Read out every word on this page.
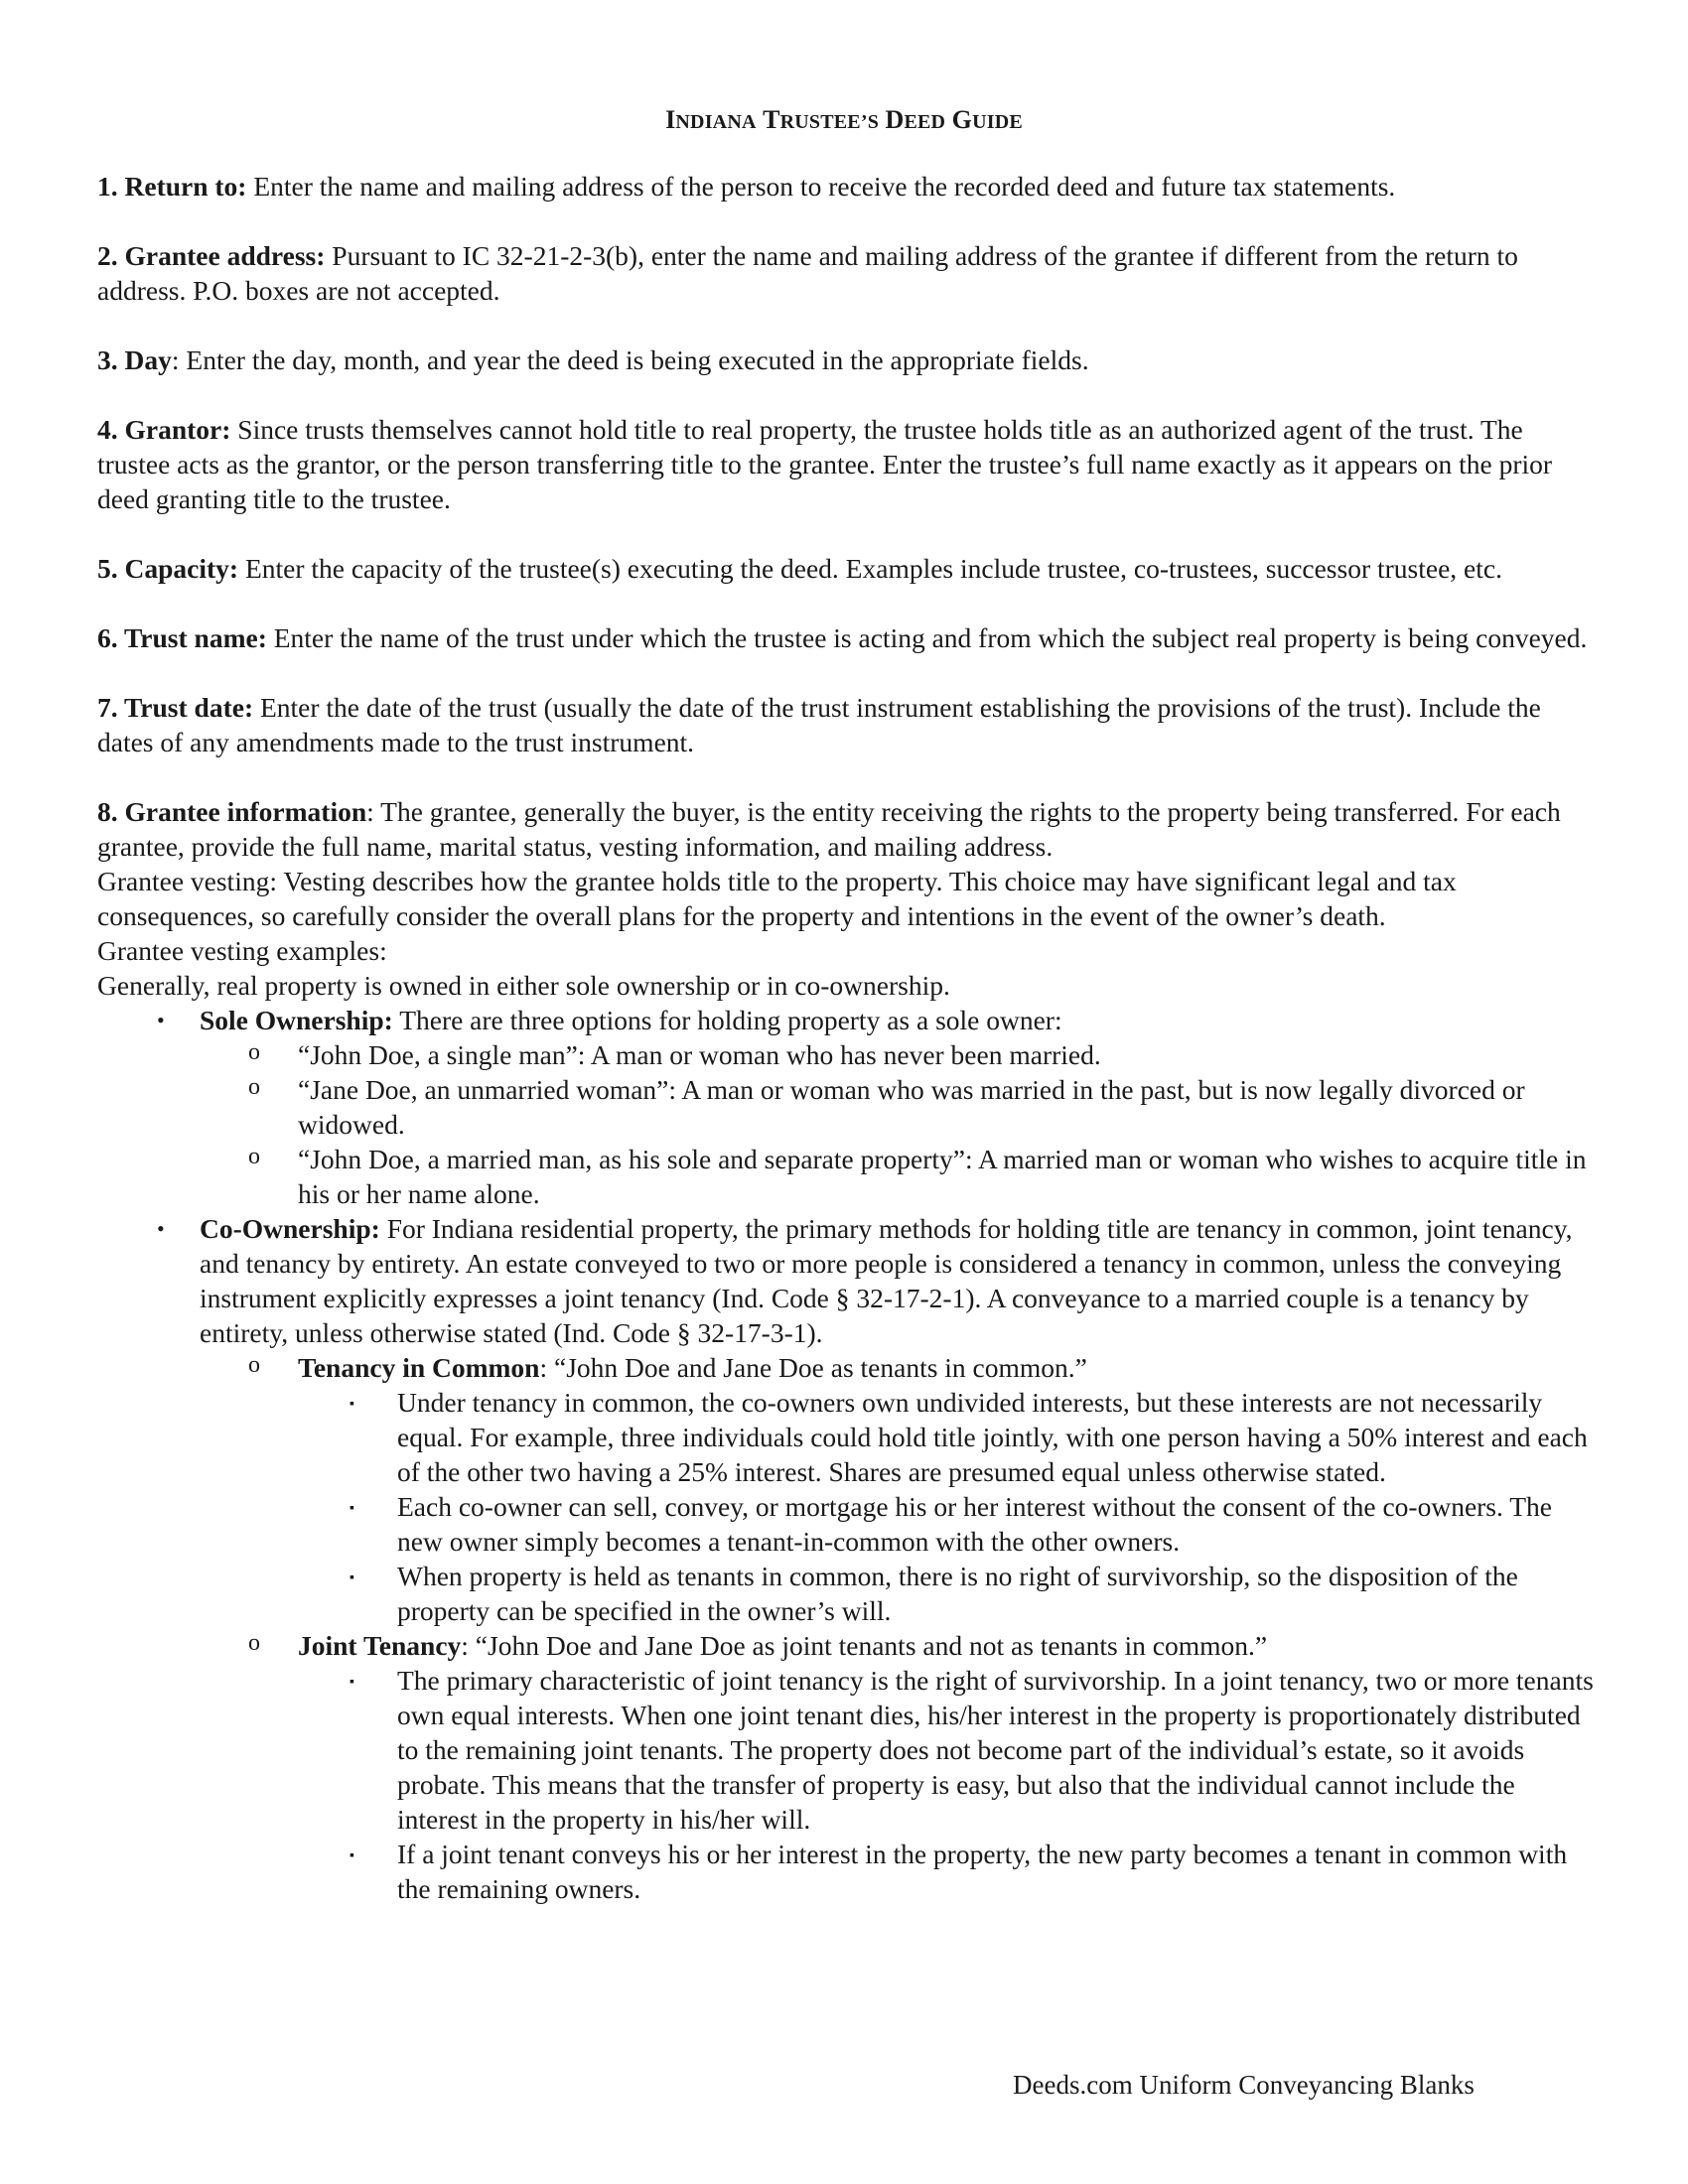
INDIANA TRUSTEE’S DEED GUIDE

1. Return to: Enter the name and mailing address of the person to receive the recorded deed and future tax statements.

2. Grantee address: Pursuant to IC 32-21-2-3(b), enter the name and mailing address of the grantee if different from the return to address. P.O. boxes are not accepted.

3. Day: Enter the day, month, and year the deed is being executed in the appropriate fields.

4. Grantor: Since trusts themselves cannot hold title to real property, the trustee holds title as an authorized agent of the trust. The trustee acts as the grantor, or the person transferring title to the grantee. Enter the trustee’s full name exactly as it appears on the prior deed granting title to the trustee.

5. Capacity: Enter the capacity of the trustee(s) executing the deed. Examples include trustee, co-trustees, successor trustee, etc.

6. Trust name: Enter the name of the trust under which the trustee is acting and from which the subject real property is being conveyed.

7. Trust date: Enter the date of the trust (usually the date of the trust instrument establishing the provisions of the trust). Include the dates of any amendments made to the trust instrument.

8. Grantee information: The grantee, generally the buyer, is the entity receiving the rights to the property being transferred. For each grantee, provide the full name, marital status, vesting information, and mailing address.

Grantee vesting: Vesting describes how the grantee holds title to the property. This choice may have significant legal and tax consequences, so carefully consider the overall plans for the property and intentions in the event of the owner’s death.

Grantee vesting examples:

Generally, real property is owned in either sole ownership or in co-ownership.

• Sole Ownership: There are three options for holding property as a sole owner:
o “John Doe, a single man”: A man or woman who has never been married.
o “Jane Doe, an unmarried woman”: A man or woman who was married in the past, but is now legally divorced or widowed.
o “John Doe, a married man, as his sole and separate property”: A married man or woman who wishes to acquire title in his or her name alone.
• Co-Ownership: For Indiana residential property, the primary methods for holding title are tenancy in common, joint tenancy, and tenancy by entirety. An estate conveyed to two or more people is considered a tenancy in common, unless the conveying instrument explicitly expresses a joint tenancy (Ind. Code § 32-17-2-1). A conveyance to a married couple is a tenancy by entirety, unless otherwise stated (Ind. Code § 32-17-3-1).
o Tenancy in Common: “John Doe and Jane Doe as tenants in common.”
▪ Under tenancy in common, the co-owners own undivided interests, but these interests are not necessarily equal. For example, three individuals could hold title jointly, with one person having a 50% interest and each of the other two having a 25% interest. Shares are presumed equal unless otherwise stated.
▪ Each co-owner can sell, convey, or mortgage his or her interest without the consent of the co-owners. The new owner simply becomes a tenant-in-common with the other owners.
▪ When property is held as tenants in common, there is no right of survivorship, so the disposition of the property can be specified in the owner’s will.
o Joint Tenancy: “John Doe and Jane Doe as joint tenants and not as tenants in common.”
▪ The primary characteristic of joint tenancy is the right of survivorship. In a joint tenancy, two or more tenants own equal interests. When one joint tenant dies, his/her interest in the property is proportionately distributed to the remaining joint tenants. The property does not become part of the individual’s estate, so it avoids probate. This means that the transfer of property is easy, but also that the individual cannot include the interest in the property in his/her will.
▪ If a joint tenant conveys his or her interest in the property, the new party becomes a tenant in common with the remaining owners.
Deeds.com Uniform Conveyancing Blanks
